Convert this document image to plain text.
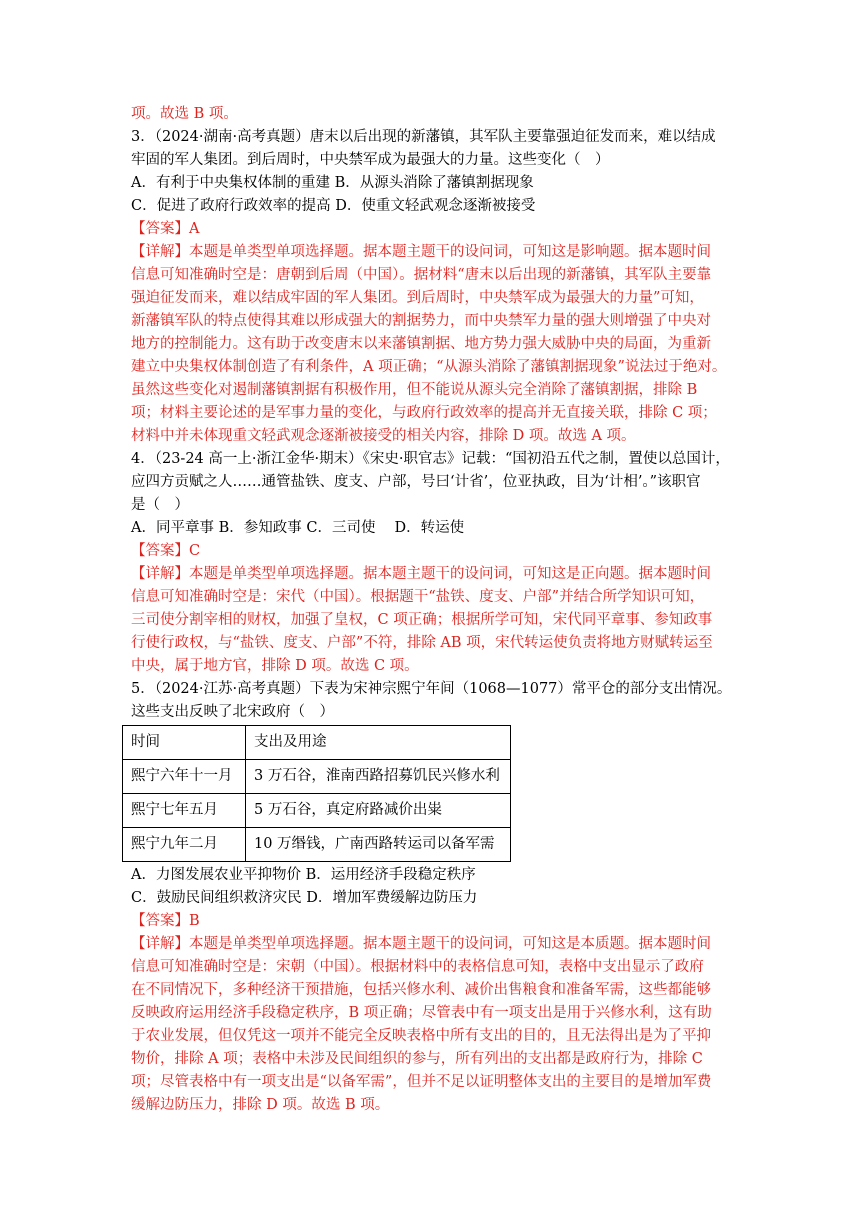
项。故选 B 项。
3．（2024·湖南·高考真题）唐末以后出现的新藩镇，其军队主要靠强迫征发而来，难以结成
牢固的军人集团。到后周时，中央禁军成为最强大的力量。这些变化（　）
A．有利于中央集权体制的重建 B．从源头消除了藩镇割据现象
C．促进了政府行政效率的提高 D．使重文轻武观念逐渐被接受
【答案】A
【详解】本题是单类型单项选择题。据本题主题干的设问词，可知这是影响题。据本题时间
信息可知准确时空是：唐朝到后周（中国）。据材料“唐末以后出现的新藩镇，其军队主要靠
强迫征发而来，难以结成牢固的军人集团。到后周时，中央禁军成为最强大的力量”可知，
新藩镇军队的特点使得其难以形成强大的割据势力，而中央禁军力量的强大则增强了中央对
地方的控制能力。这有助于改变唐末以来藩镇割据、地方势力强大威胁中央的局面，为重新
建立中央集权体制创造了有利条件，A 项正确；“从源头消除了藩镇割据现象”说法过于绝对。
虽然这些变化对遏制藩镇割据有积极作用，但不能说从源头完全消除了藩镇割据，排除 B
项；材料主要论述的是军事力量的变化，与政府行政效率的提高并无直接关联，排除 C 项；
材料中并未体现重文轻武观念逐渐被接受的相关内容，排除 D 项。故选 A 项。
4．（23-24 高一上·浙江金华·期末）《宋史·职官志》记载：“国初沿五代之制，置使以总国计，
应四方贡赋之人……通管盐铁、度支、户部，号曰‘计省’，位亚执政，目为‘计相’。”该职官
是（　）
A．同平章事 B．参知政事 C．三司使　 D．转运使
【答案】C
【详解】本题是单类型单项选择题。据本题主题干的设问词，可知这是正向题。据本题时间
信息可知准确时空是：宋代（中国）。根据题干“盐铁、度支、户部”并结合所学知识可知，
三司使分割宰相的财权，加强了皇权，C 项正确；根据所学可知，宋代同平章事、参知政事
行使行政权，与“盐铁、度支、户部”不符，排除 AB 项，宋代转运使负责将地方财赋转运至
中央，属于地方官，排除 D 项。故选 C 项。
5．（2024·江苏·高考真题）下表为宋神宗熙宁年间（1068—1077）常平仓的部分支出情况。
这些支出反映了北宋政府（　）
时间	支出及用途
熙宁六年十一月	3 万石谷，淮南西路招募饥民兴修水利
熙宁七年五月	5 万石谷，真定府路减价出粜
熙宁九年二月	10 万缗钱，广南西路转运司以备军需
A．力图发展农业平抑物价 B．运用经济手段稳定秩序
C．鼓励民间组织救济灾民 D．增加军费缓解边防压力
【答案】B
【详解】本题是单类型单项选择题。据本题主题干的设问词，可知这是本质题。据本题时间
信息可知准确时空是：宋朝（中国）。根据材料中的表格信息可知，表格中支出显示了政府
在不同情况下，多种经济干预措施，包括兴修水利、减价出售粮食和准备军需，这些都能够
反映政府运用经济手段稳定秩序，B 项正确；尽管表中有一项支出是用于兴修水利，这有助
于农业发展，但仅凭这一项并不能完全反映表格中所有支出的目的，且无法得出是为了平抑
物价，排除 A 项；表格中未涉及民间组织的参与，所有列出的支出都是政府行为，排除 C
项；尽管表格中有一项支出是“以备军需”，但并不足以证明整体支出的主要目的是增加军费
缓解边防压力，排除 D 项。故选 B 项。
